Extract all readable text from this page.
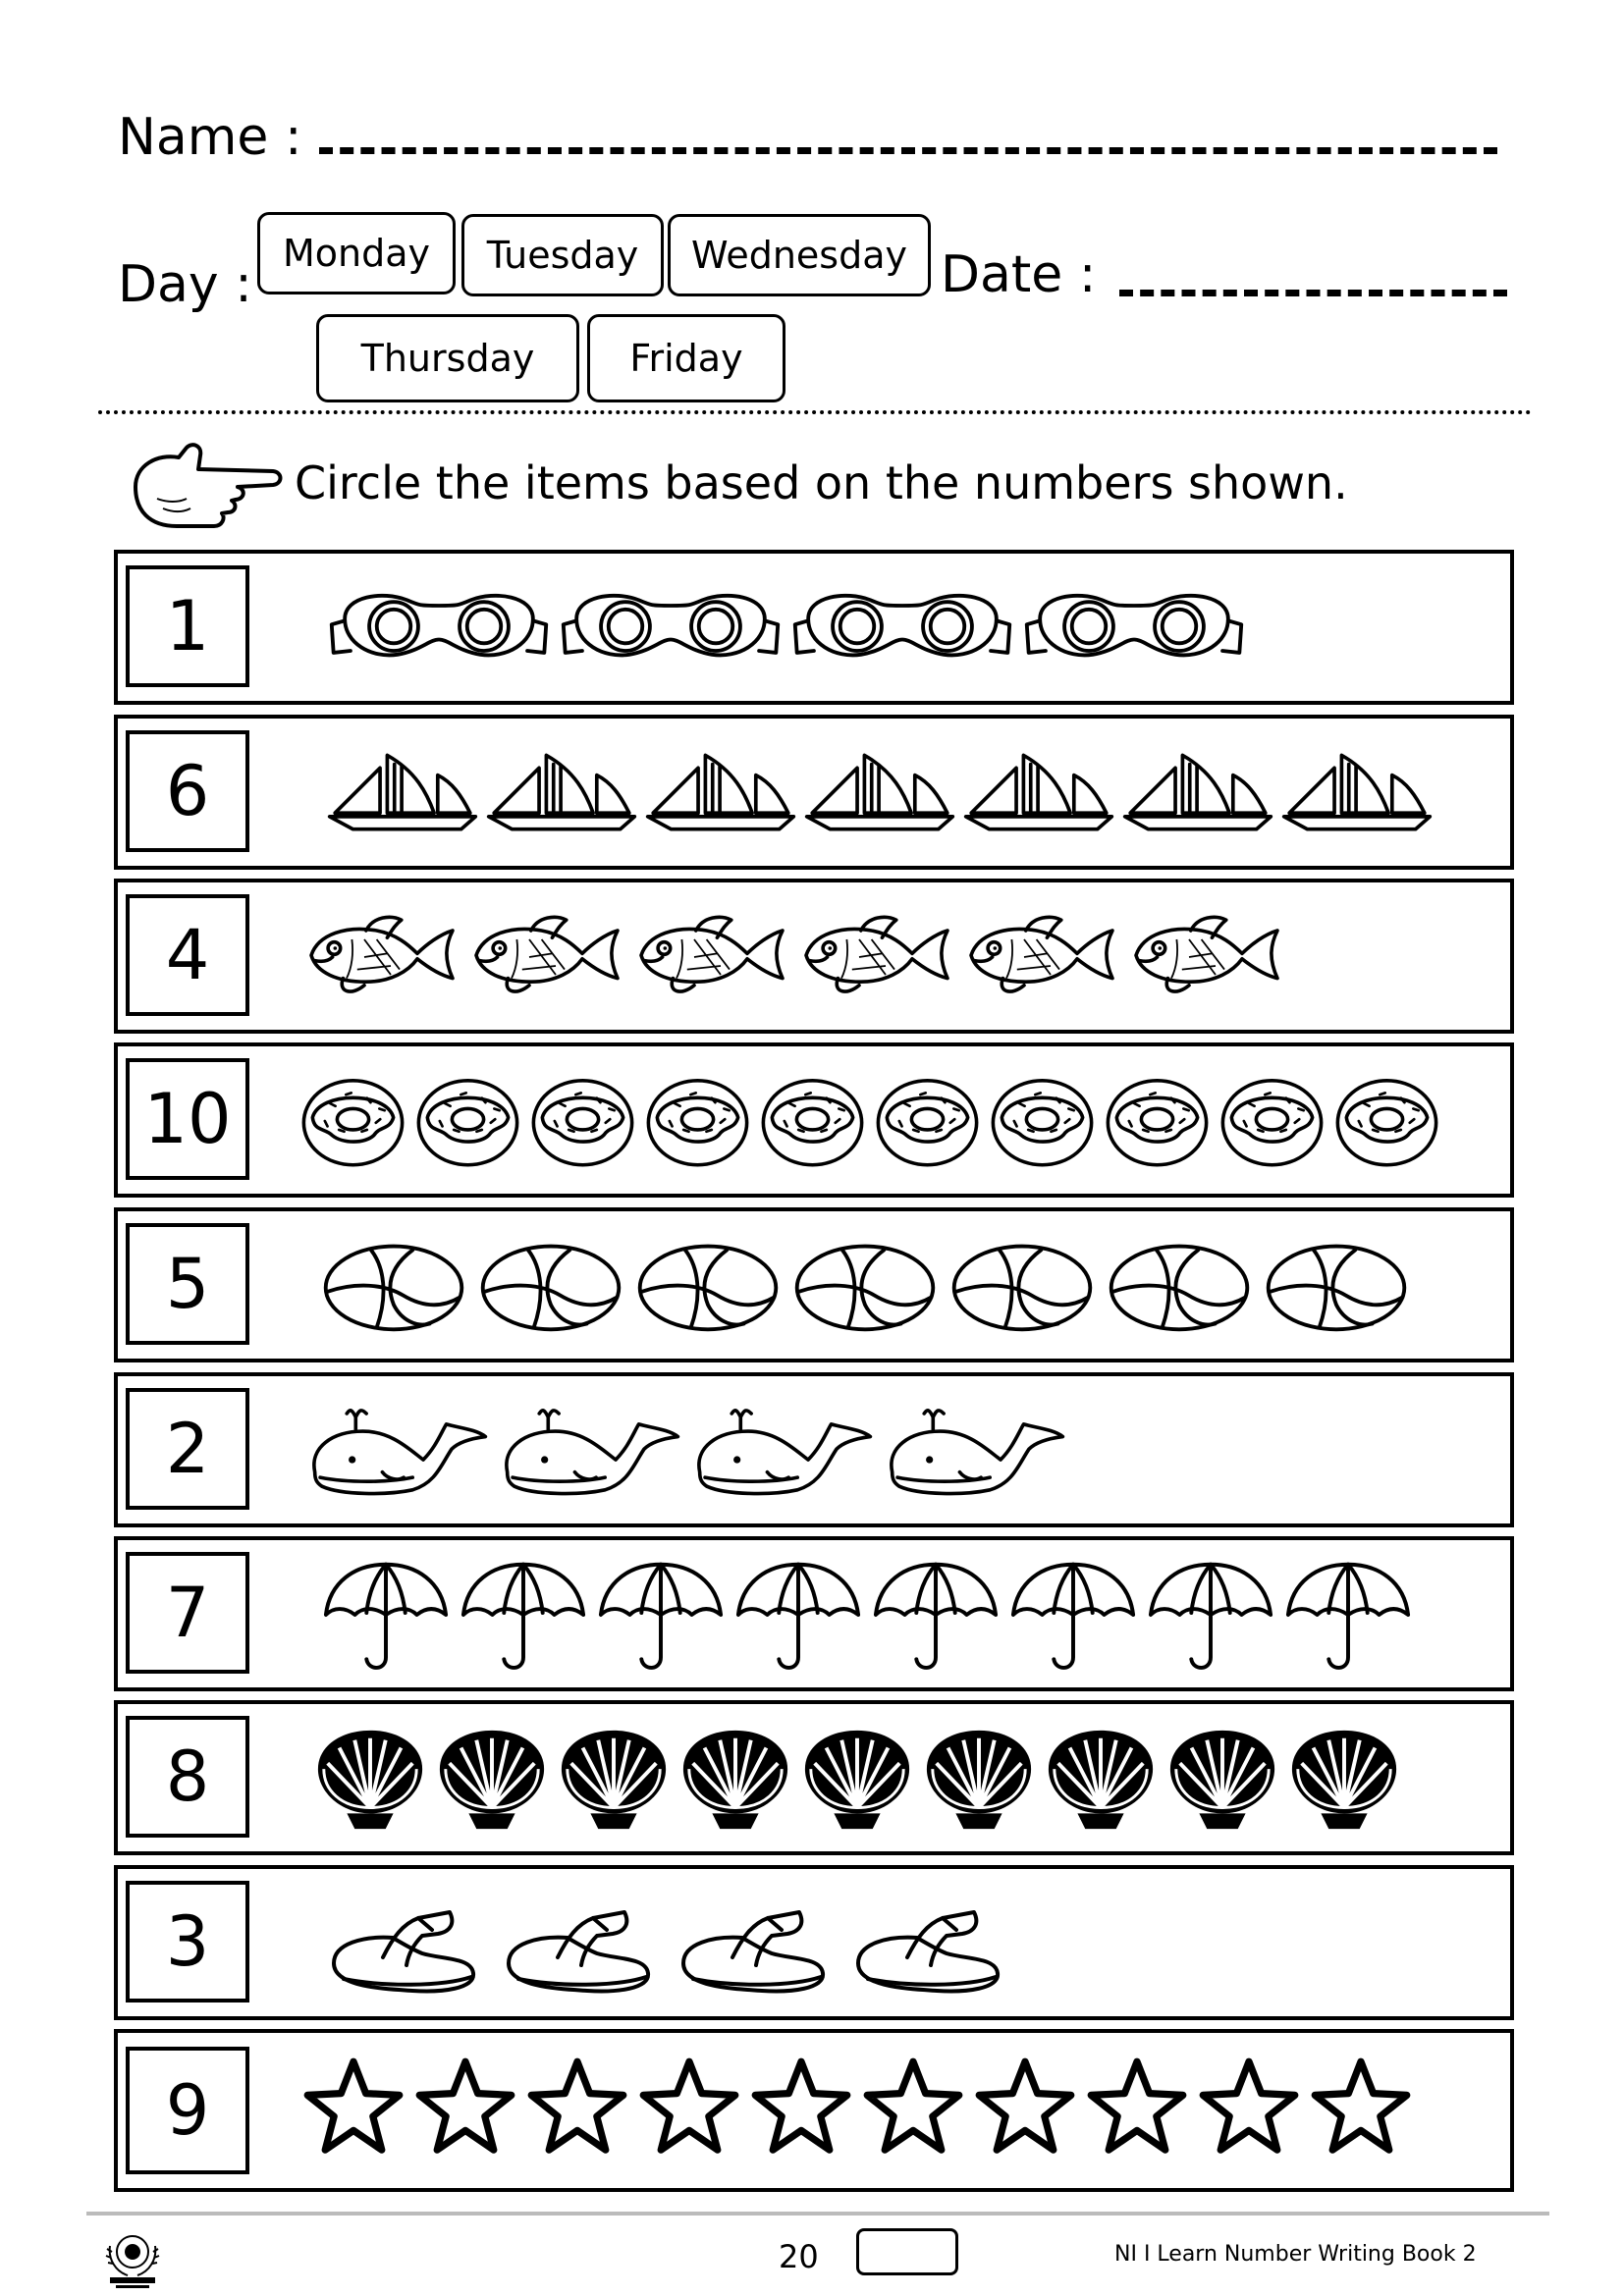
Name :
Day :
Monday	Tuesday	Wednesday
Thursday	Friday
Date :
Circle the items based on the numbers shown.
1
6
4
10
5
2
7
8
3
9
20	NI I Learn Number Writing Book 2
